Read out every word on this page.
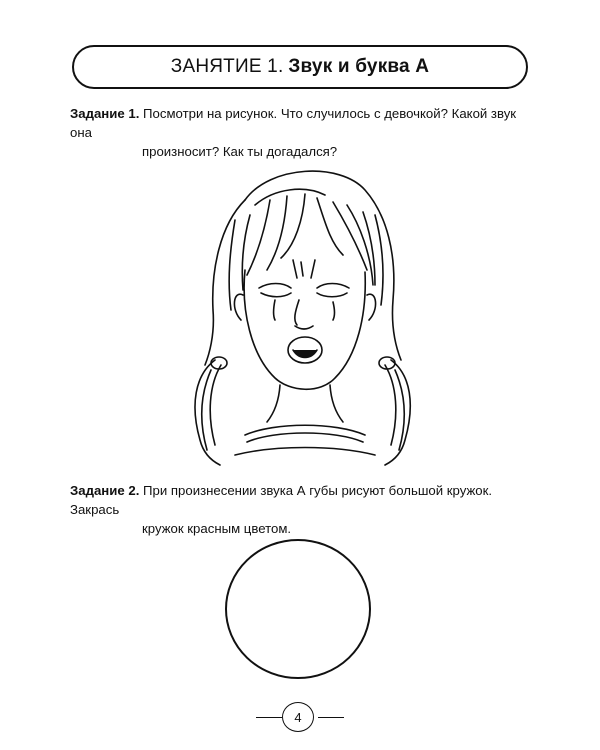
ЗАНЯТИЕ 1. Звук и буква А
Задание 1. Посмотри на рисунок. Что случилось с девочкой? Какой звук она
произносит? Как ты догадался?
Задание 2. При произнесении звука А губы рисуют большой кружок. Закрась
кружок красным цветом.
4
